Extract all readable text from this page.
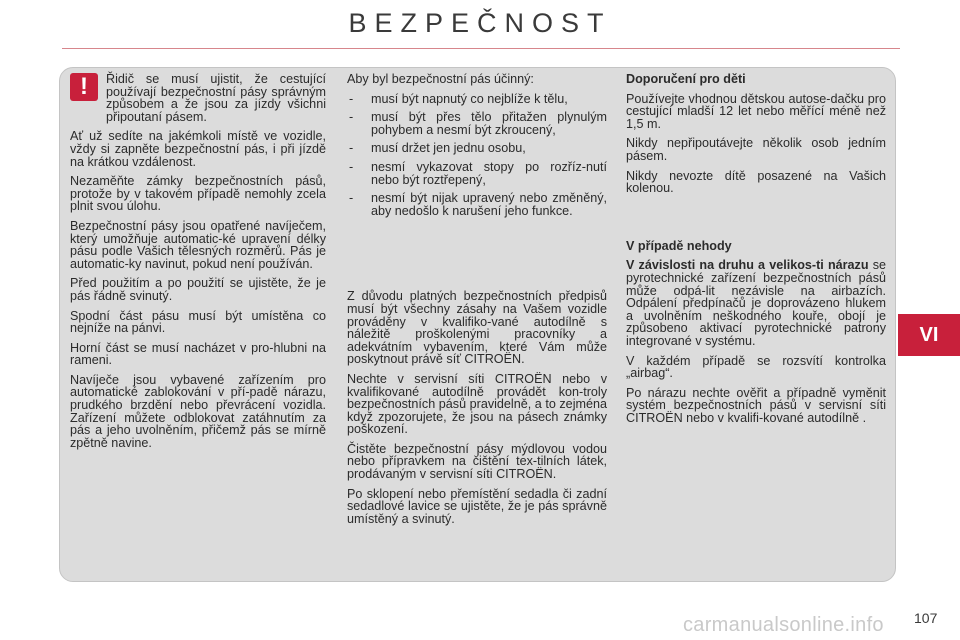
BEZPEČNOST
VI
!	Řidič se musí ujistit, že cestující používají bezpečnostní pásy správným způsobem a že jsou za jízdy všichni připoutaní pásem.

Ať už sedíte na jakémkoli místě ve vozidle, vždy si zapněte bezpečnostní pás, i při jízdě na krátkou vzdálenost.

Nezaměňte zámky bezpečnostních pásů, protože by v takovém případě nemohly zcela plnit svou úlohu.

Bezpečnostní pásy jsou opatřené navíječem, který umožňuje automatic-ké upravení délky pásu podle Vašich tělesných rozměrů. Pás je automatic-ky navinut, pokud není používán.

Před použitím a po použití se ujistěte, že je pás řádně svinutý.

Spodní část pásu musí být umístěna co nejníže na pánvi.

Horní část se musí nacházet v pro-hlubni na rameni.

Navíječe jsou vybavené zařízením pro automatické zablokování v pří-padě nárazu, prudkého brzdění nebo převrácení vozidla. Zařízení můžete odblokovat zatáhnutím za pás a jeho uvolněním, přičemž pás se mírně zpětně navine.

Aby byl bezpečnostní pás účinný:

- musí být napnutý co nejblíže k tělu,
- musí být přes tělo přitažen plynulým pohybem a nesmí být zkroucený,
- musí držet jen jednu osobu,
- nesmí vykazovat stopy po rozříz-nutí nebo být roztřepený,
- nesmí být nijak upravený nebo změněný, aby nedošlo k narušení jeho funkce.

Z důvodu platných bezpečnostních předpisů musí být všechny zásahy na Vašem vozidle prováděny v kvalifiko-vané autodílně s náležitě proškolenými pracovníky a adekvátním vybavením, které Vám může poskytnout právě síť CITROËN.

Nechte v servisní síti CITROËN nebo v kvalifikované autodílně provádět kon-troly bezpečnostních pásů pravidelně, a to zejména když zpozorujete, že jsou na pásech známky poškození.

Čistěte bezpečnostní pásy mýdlovou vodou nebo přípravkem na čištění tex-tilních látek, prodávaným v servisní síti CITROËN.

Po sklopení nebo přemístění sedadla či zadní sedadlové lavice se ujistěte, že je pás správně umístěný a svinutý.

Doporučení pro děti

Používejte vhodnou dětskou autose-dačku pro cestující mladší 12 let nebo měřící méně než 1,5 m.

Nikdy nepřipoutávejte několik osob jedním pásem.

Nikdy nevozte dítě posazené na Vašich kolenou.

V případě nehody

V závislosti na druhu a velikos-ti nárazu se pyrotechnické zařízení bezpečnostních pásů může odpá-lit nezávisle na airbazích. Odpálení předpínačů je doprovázeno hlukem a uvolněním neškodného kouře, obojí je způsobeno aktivací pyrotechnické patrony integrované v systému.

V každém případě se rozsvítí kontrolka „airbag“.

Po nárazu nechte ověřit a případně vyměnit systém bezpečnostních pásů v servisní síti CITROËN nebo v kvalifi-kované autodílně .

carmanualsonline.info 107
